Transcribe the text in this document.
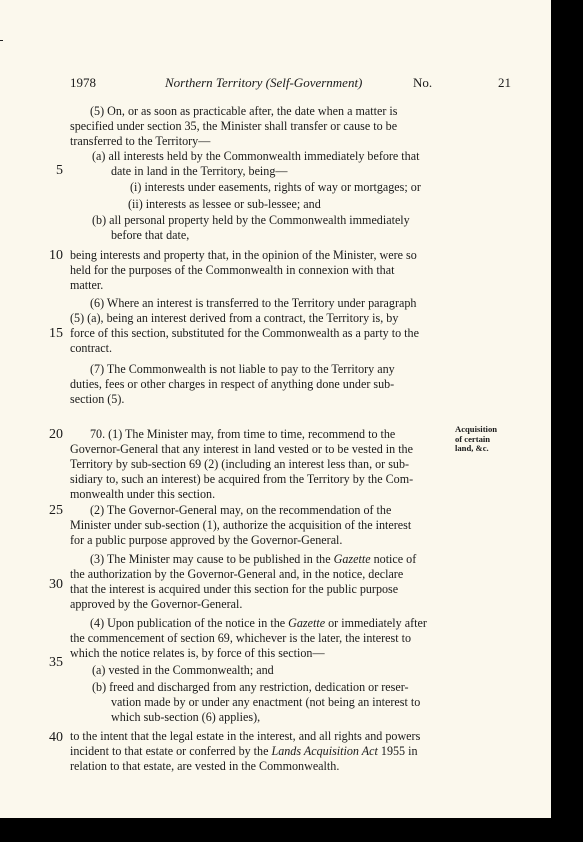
1978	Northern Territory (Self-Government)	No.	21
5
10
15
20
25
30
35
40
Acquisition
of certain
land, &c.
(5) On, or as soon as practicable after, the date when a matter is
specified under section 35, the Minister shall transfer or cause to be
transferred to the Territory—
(a) all interests held by the Commonwealth immediately before that
date in land in the Territory, being—
(i) interests under easements, rights of way or mortgages; or
(ii) interests as lessee or sub-lessee; and
(b) all personal property held by the Commonwealth immediately
before that date,
being interests and property that, in the opinion of the Minister, were so
held for the purposes of the Commonwealth in connexion with that
matter.
(6) Where an interest is transferred to the Territory under paragraph
(5) (a), being an interest derived from a contract, the Territory is, by
force of this section, substituted for the Commonwealth as a party to the
contract.
(7) The Commonwealth is not liable to pay to the Territory any
duties, fees or other charges in respect of anything done under sub-
section (5).
70. (1) The Minister may, from time to time, recommend to the
Governor-General that any interest in land vested or to be vested in the
Territory by sub-section 69 (2) (including an interest less than, or sub-
sidiary to, such an interest) be acquired from the Territory by the Com-
monwealth under this section.
(2) The Governor-General may, on the recommendation of the
Minister under sub-section (1), authorize the acquisition of the interest
for a public purpose approved by the Governor-General.
(3) The Minister may cause to be published in the Gazette notice of
the authorization by the Governor-General and, in the notice, declare
that the interest is acquired under this section for the public purpose
approved by the Governor-General.
(4) Upon publication of the notice in the Gazette or immediately after
the commencement of section 69, whichever is the later, the interest to
which the notice relates is, by force of this section—
(a) vested in the Commonwealth; and
(b) freed and discharged from any restriction, dedication or reser-
vation made by or under any enactment (not being an interest to
which sub-section (6) applies),
to the intent that the legal estate in the interest, and all rights and powers
incident to that estate or conferred by the Lands Acquisition Act 1955 in
relation to that estate, are vested in the Commonwealth.
